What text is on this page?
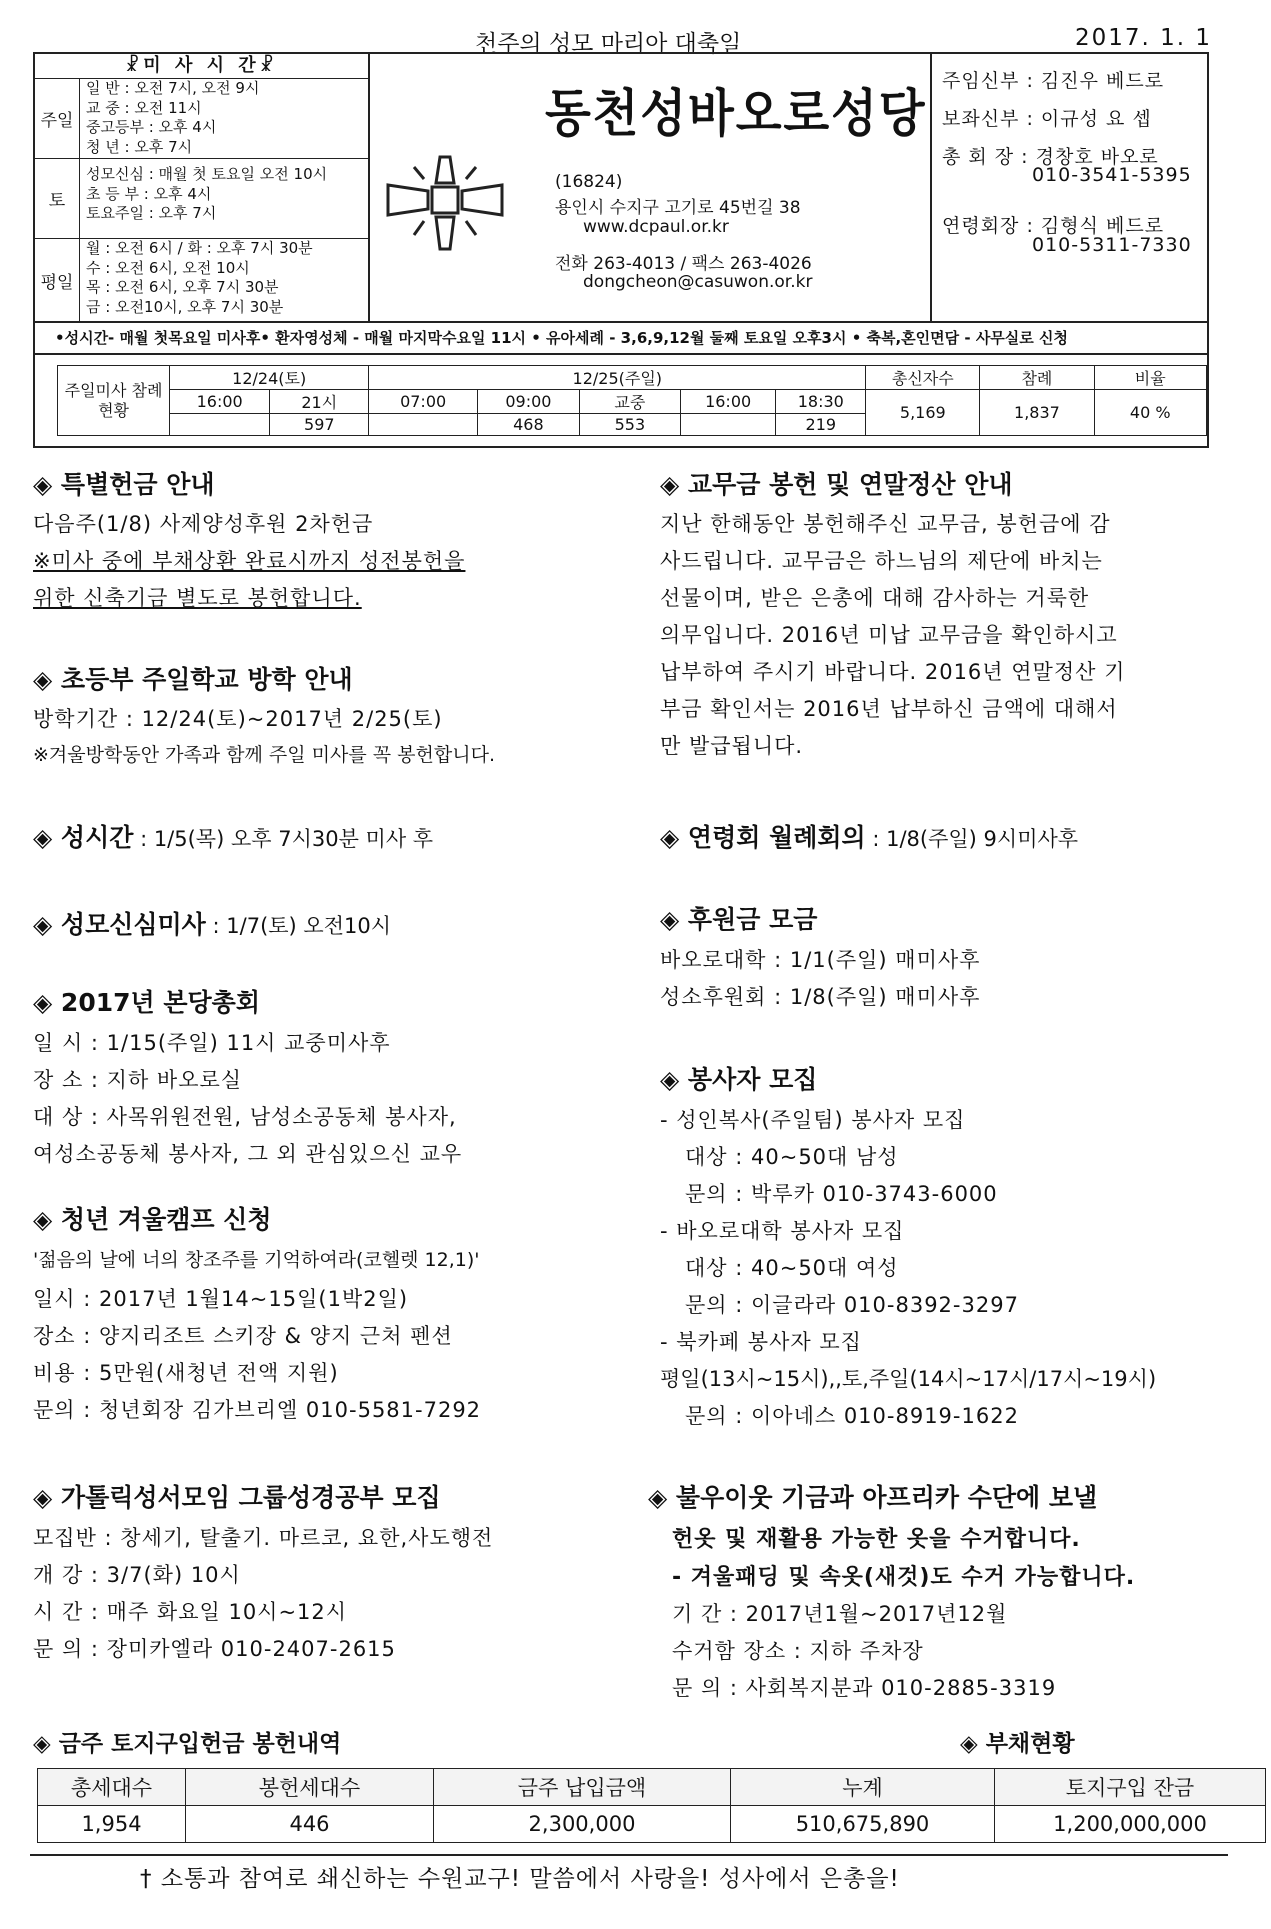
천주의 성모 마리아 대축일	2017. 1. 1
☧미 사 시 간☧
주일
일 반 : 오전 7시, 오전 9시
교 중 : 오전 11시
중고등부 : 오후 4시
청 년 : 오후 7시
토
성모신심 : 매월 첫 토요일 오전 10시
초 등 부 : 오후 4시
토요주일 : 오후 7시
평일
월 : 오전 6시 / 화 : 오후 7시 30분
수 : 오전 6시, 오전 10시
목 : 오전 6시, 오후 7시 30분
금 : 오전10시, 오후 7시 30분
동천성바오로성당
(16824)
용인시 수지구 고기로 45번길 38
www.dcpaul.or.kr
전화 263-4013 / 팩스 263-4026
dongcheon@casuwon.or.kr
주임신부 : 김진우 베드로
보좌신부 : 이규성 요 셉
총 회 장 : 경창호 바오로
010-3541-5395
연령회장 : 김형식 베드로
010-5311-7330
•성시간- 매월 첫목요일 미사후• 환자영성체 - 매월 마지막수요일 11시 • 유아세례 - 3,6,9,12월 둘째 토요일 오후3시 • 축복,혼인면담 - 사무실로 신청
주일미사 참례현황	12/24(토)		12/25(주일)					총신자수	참례	비율
	16:00	21시	07:00	09:00	교중	16:00	18:30	5,169	1,837	40 %
		597		468	553		219			
◈ 특별헌금 안내
다음주(1/8) 사제양성후원 2차헌금
※미사 중에 부채상환 완료시까지 성전봉헌을
위한 신축기금 별도로 봉헌합니다.
◈ 초등부 주일학교 방학 안내
방학기간 : 12/24(토)~2017년 2/25(토)
※겨울방학동안 가족과 함께 주일 미사를 꼭 봉헌합니다.
◈ 성시간 : 1/5(목) 오후 7시30분 미사 후
◈ 성모신심미사 : 1/7(토) 오전10시
◈ 2017년 본당총회
일 시 : 1/15(주일) 11시 교중미사후
장 소 : 지하 바오로실
대 상 : 사목위원전원, 남성소공동체 봉사자,
여성소공동체 봉사자, 그 외 관심있으신 교우
◈ 청년 겨울캠프 신청
'젊음의 날에 너의 창조주를 기억하여라(코헬렛 12,1)'
일시 : 2017년 1월14~15일(1박2일)
장소 : 양지리조트 스키장 & 양지 근처 펜션
비용 : 5만원(새청년 전액 지원)
문의 : 청년회장 김가브리엘 010-5581-7292
◈ 가톨릭성서모임 그룹성경공부 모집
모집반 : 창세기, 탈출기. 마르코, 요한,사도행전
개 강 : 3/7(화) 10시
시 간 : 매주 화요일 10시~12시
문 의 : 장미카엘라 010-2407-2615
◈ 교무금 봉헌 및 연말정산 안내
지난 한해동안 봉헌해주신 교무금, 봉헌금에 감
사드립니다. 교무금은 하느님의 제단에 바치는
선물이며, 받은 은총에 대해 감사하는 거룩한
의무입니다. 2016년 미납 교무금을 확인하시고
납부하여 주시기 바랍니다. 2016년 연말정산 기
부금 확인서는 2016년 납부하신 금액에 대해서
만 발급됩니다.
◈ 연령회 월례회의 : 1/8(주일) 9시미사후
◈ 후원금 모금
바오로대학 : 1/1(주일) 매미사후
성소후원회 : 1/8(주일) 매미사후
◈ 봉사자 모집
- 성인복사(주일팀) 봉사자 모집
대상 : 40~50대 남성
문의 : 박루카 010-3743-6000
- 바오로대학 봉사자 모집
대상 : 40~50대 여성
문의 : 이글라라 010-8392-3297
- 북카페 봉사자 모집
평일(13시~15시),,토,주일(14시~17시/17시~19시)
문의 : 이아네스 010-8919-1622
◈ 불우이웃 기금과 아프리카 수단에 보낼
헌옷 및 재활용 가능한 옷을 수거합니다.
- 겨울패딩 및 속옷(새것)도 수거 가능합니다.
기 간 : 2017년1월~2017년12월
수거함 장소 : 지하 주차장
문 의 : 사회복지분과 010-2885-3319
◈ 금주 토지구입헌금 봉헌내역	◈ 부채현황
총세대수	봉헌세대수	금주 납입금액	누계	토지구입 잔금
1,954	446	2,300,000	510,675,890	1,200,000,000
† 소통과 참여로 쇄신하는 수원교구! 말씀에서 사랑을! 성사에서 은총을!
